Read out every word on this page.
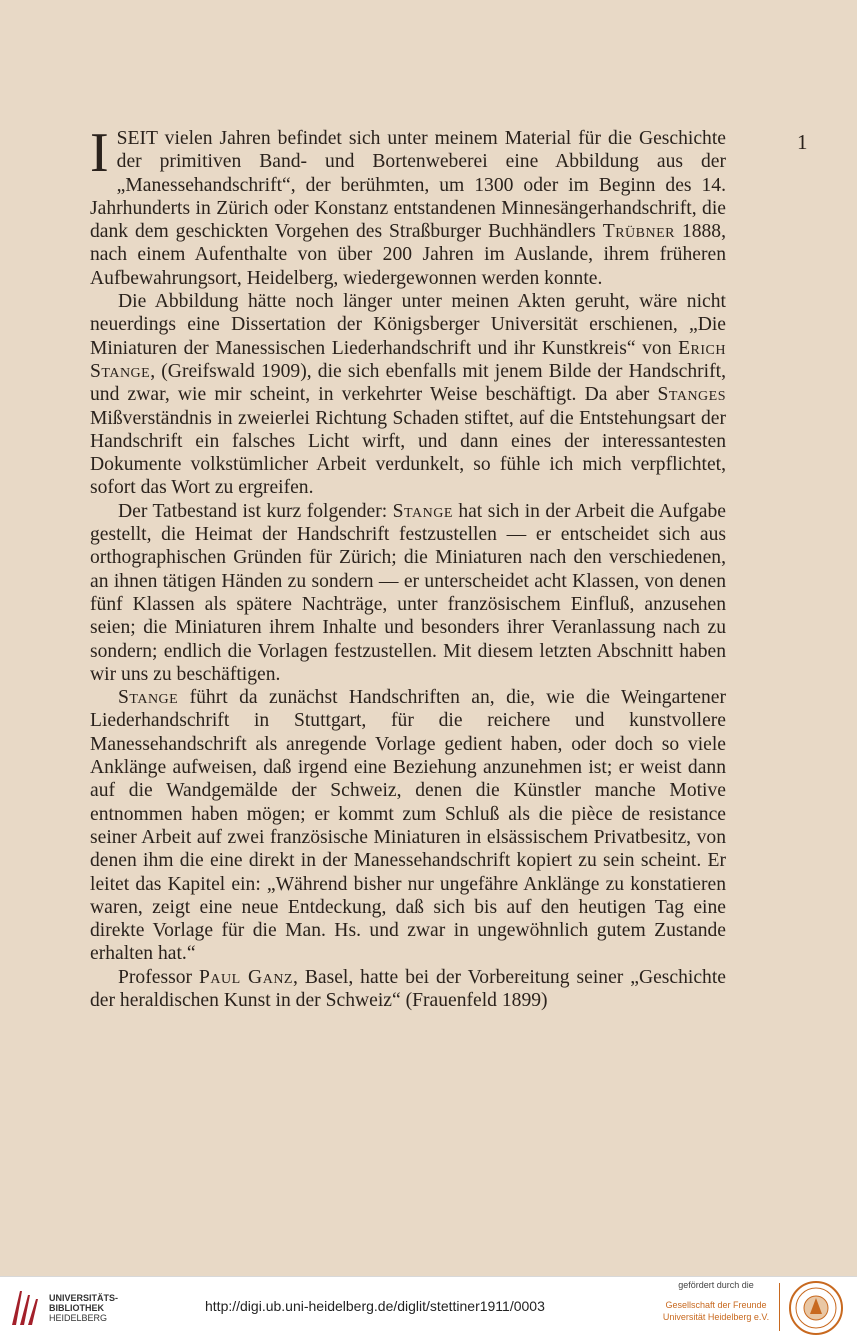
1

ISEIT vielen Jahren befindet sich unter meinem Material für die Geschichte der primitiven Band- und Bortenweberei eine Abbildung aus der „Manessehandschrift“, der berühmten, um 1300 oder im Beginn des 14. Jahrhunderts in Zürich oder Konstanz entstandenen Minnesängerhandschrift, die dank dem geschickten Vorgehen des Straßburger Buchhändlers Trübner 1888, nach einem Aufenthalte von über 200 Jahren im Auslande, ihrem früheren Aufbewahrungsort, Heidelberg, wiedergewonnen werden konnte.

Die Abbildung hätte noch länger unter meinen Akten geruht, wäre nicht neuerdings eine Dissertation der Königsberger Universität erschienen, „Die Miniaturen der Manessischen Liederhandschrift und ihr Kunstkreis“ von Erich Stange, (Greifswald 1909), die sich ebenfalls mit jenem Bilde der Handschrift, und zwar, wie mir scheint, in verkehrter Weise beschäftigt. Da aber Stanges Mißverständnis in zweierlei Richtung Schaden stiftet, auf die Entstehungsart der Handschrift ein falsches Licht wirft, und dann eines der interessantesten Dokumente volkstümlicher Arbeit verdunkelt, so fühle ich mich verpflichtet, sofort das Wort zu ergreifen.

Der Tatbestand ist kurz folgender: Stange hat sich in der Arbeit die Aufgabe gestellt, die Heimat der Handschrift festzustellen — er entscheidet sich aus orthographischen Gründen für Zürich; die Miniaturen nach den verschiedenen, an ihnen tätigen Händen zu sondern — er unterscheidet acht Klassen, von denen fünf Klassen als spätere Nachträge, unter französischem Einfluß, anzusehen seien; die Miniaturen ihrem Inhalte und besonders ihrer Veranlassung nach zu sondern; endlich die Vorlagen festzustellen. Mit diesem letzten Abschnitt haben wir uns zu beschäftigen.

Stange führt da zunächst Handschriften an, die, wie die Weingartener Liederhandschrift in Stuttgart, für die reichere und kunstvollere Manessehandschrift als anregende Vorlage gedient haben, oder doch so viele Anklänge aufweisen, daß irgend eine Beziehung anzunehmen ist; er weist dann auf die Wandgemälde der Schweiz, denen die Künstler manche Motive entnommen haben mögen; er kommt zum Schluß als die pièce de resistance seiner Arbeit auf zwei französische Miniaturen in elsässischem Privatbesitz, von denen ihm die eine direkt in der Manessehandschrift kopiert zu sein scheint. Er leitet das Kapitel ein: „Während bisher nur ungefähre Anklänge zu konstatieren waren, zeigt eine neue Entdeckung, daß sich bis auf den heutigen Tag eine direkte Vorlage für die Man. Hs. und zwar in ungewöhnlich gutem Zustande erhalten hat.“

Professor Paul Ganz, Basel, hatte bei der Vorbereitung seiner „Geschichte der heraldischen Kunst in der Schweiz“ (Frauenfeld 1899)

UNIVERSITÄTS-
BIBLIOTHEK
HEIDELBERG
http://digi.ub.uni-heidelberg.de/diglit/stettiner1911/0003
gefördert durch die
Gesellschaft der Freunde
Universität Heidelberg e.V.
